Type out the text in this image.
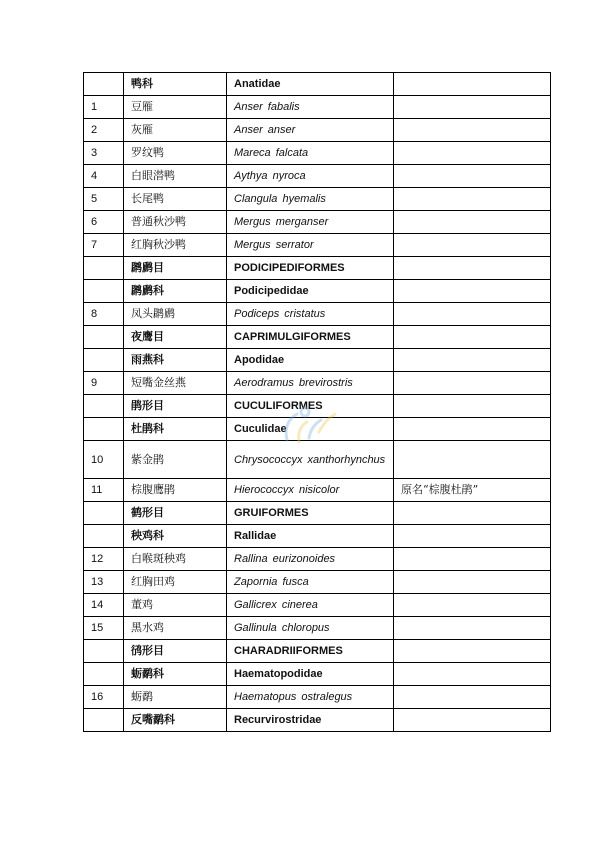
	鸭科	Anatidae	
1	豆雁	Anser fabalis	
2	灰雁	Anser anser	
3	罗纹鸭	Mareca falcata	
4	白眼潜鸭	Aythya nyroca	
5	长尾鸭	Clangula hyemalis	
6	普通秋沙鸭	Mergus merganser	
7	红胸秋沙鸭	Mergus serrator	
	䴙䴘目	PODICIPEDIFORMES	
	䴙䴘科	Podicipedidae	
8	凤头䴙䴘	Podiceps cristatus	
	夜鹰目	CAPRIMULGIFORMES	
	雨燕科	Apodidae	
9	短嘴金丝燕	Aerodramus brevirostris	
	鹃形目	CUCULIFORMES	
	杜鹃科	Cuculidae	
10	紫金鹃	Chrysococcyx xanthorhynchus	
11	棕腹鹰鹃	Hierococcyx nisicolor	原名“棕腹杜鹃”
	鹤形目	GRUIFORMES	
	秧鸡科	Rallidae	
12	白喉斑秧鸡	Rallina eurizonoides	
13	红胸田鸡	Zapornia fusca	
14	董鸡	Gallicrex cinerea	
15	黑水鸡	Gallinula chloropus	
	鸻形目	CHARADRIIFORMES	
	蛎鹬科	Haematopodidae	
16	蛎鹬	Haematopus ostralegus	
	反嘴鹬科	Recurvirostridae	
